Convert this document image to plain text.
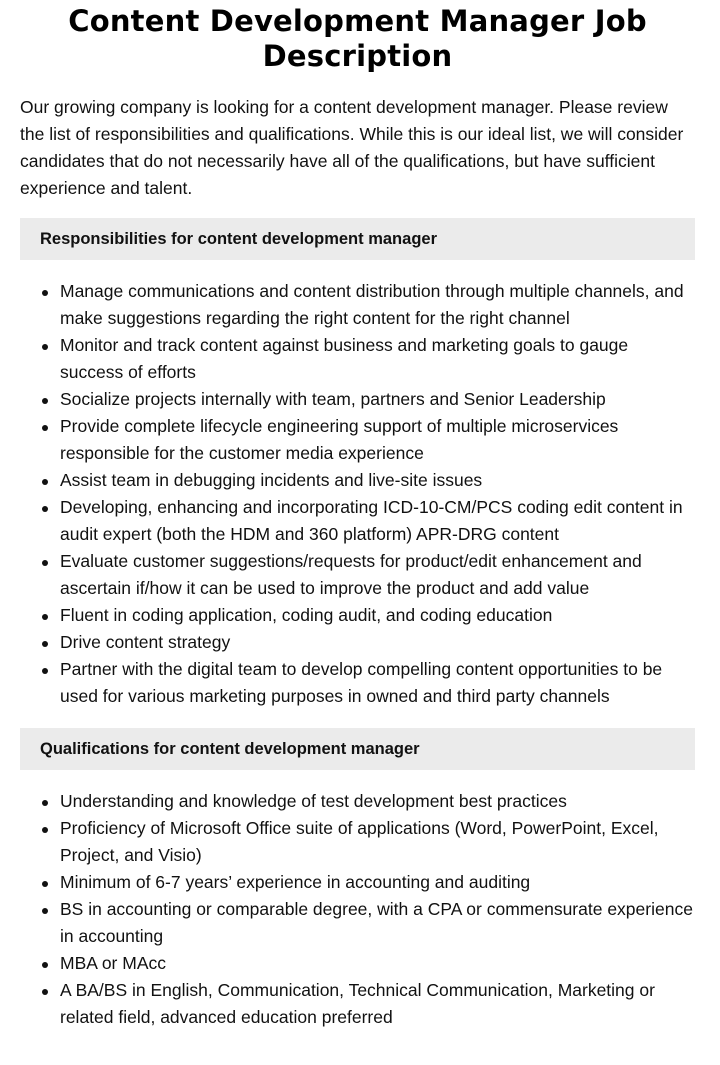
Content Development Manager Job Description

Our growing company is looking for a content development manager. Please review the list of responsibilities and qualifications. While this is our ideal list, we will consider candidates that do not necessarily have all of the qualifications, but have sufficient experience and talent.

Responsibilities for content development manager
Manage communications and content distribution through multiple channels, and make suggestions regarding the right content for the right channel
Monitor and track content against business and marketing goals to gauge success of efforts
Socialize projects internally with team, partners and Senior Leadership
Provide complete lifecycle engineering support of multiple microservices responsible for the customer media experience
Assist team in debugging incidents and live-site issues
Developing, enhancing and incorporating ICD-10-CM/PCS coding edit content in audit expert (both the HDM and 360 platform) APR-DRG content
Evaluate customer suggestions/requests for product/edit enhancement and ascertain if/how it can be used to improve the product and add value
Fluent in coding application, coding audit, and coding education
Drive content strategy
Partner with the digital team to develop compelling content opportunities to be used for various marketing purposes in owned and third party channels
Qualifications for content development manager
Understanding and knowledge of test development best practices
Proficiency of Microsoft Office suite of applications (Word, PowerPoint, Excel, Project, and Visio)
Minimum of 6-7 years’ experience in accounting and auditing
BS in accounting or comparable degree, with a CPA or commensurate experience in accounting
MBA or MAcc
A BA/BS in English, Communication, Technical Communication, Marketing or related field, advanced education preferred
